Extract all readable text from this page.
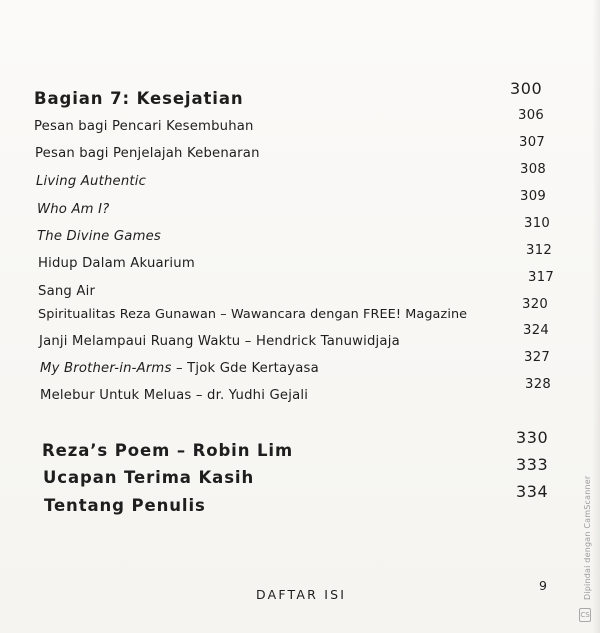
Bagian 7: Kesejatian
300
Pesan bagi Pencari Kesembuhan
306
Pesan bagi Penjelajah Kebenaran
307
Living Authentic
308
Who Am I?
309
The Divine Games
310
Hidup Dalam Akuarium
312
Sang Air
317
Spiritualitas Reza Gunawan – Wawancara dengan FREE! Magazine
320
Janji Melampaui Ruang Waktu – Hendrick Tanuwidjaja
324
My Brother-in-Arms – Tjok Gde Kertayasa
327
Melebur Untuk Meluas – dr. Yudhi Gejali
328
Reza’s Poem – Robin Lim
330
Ucapan Terima Kasih
333
Tentang Penulis
334
DAFTAR ISI
9	Dipindai dengan CamScanner
CS
